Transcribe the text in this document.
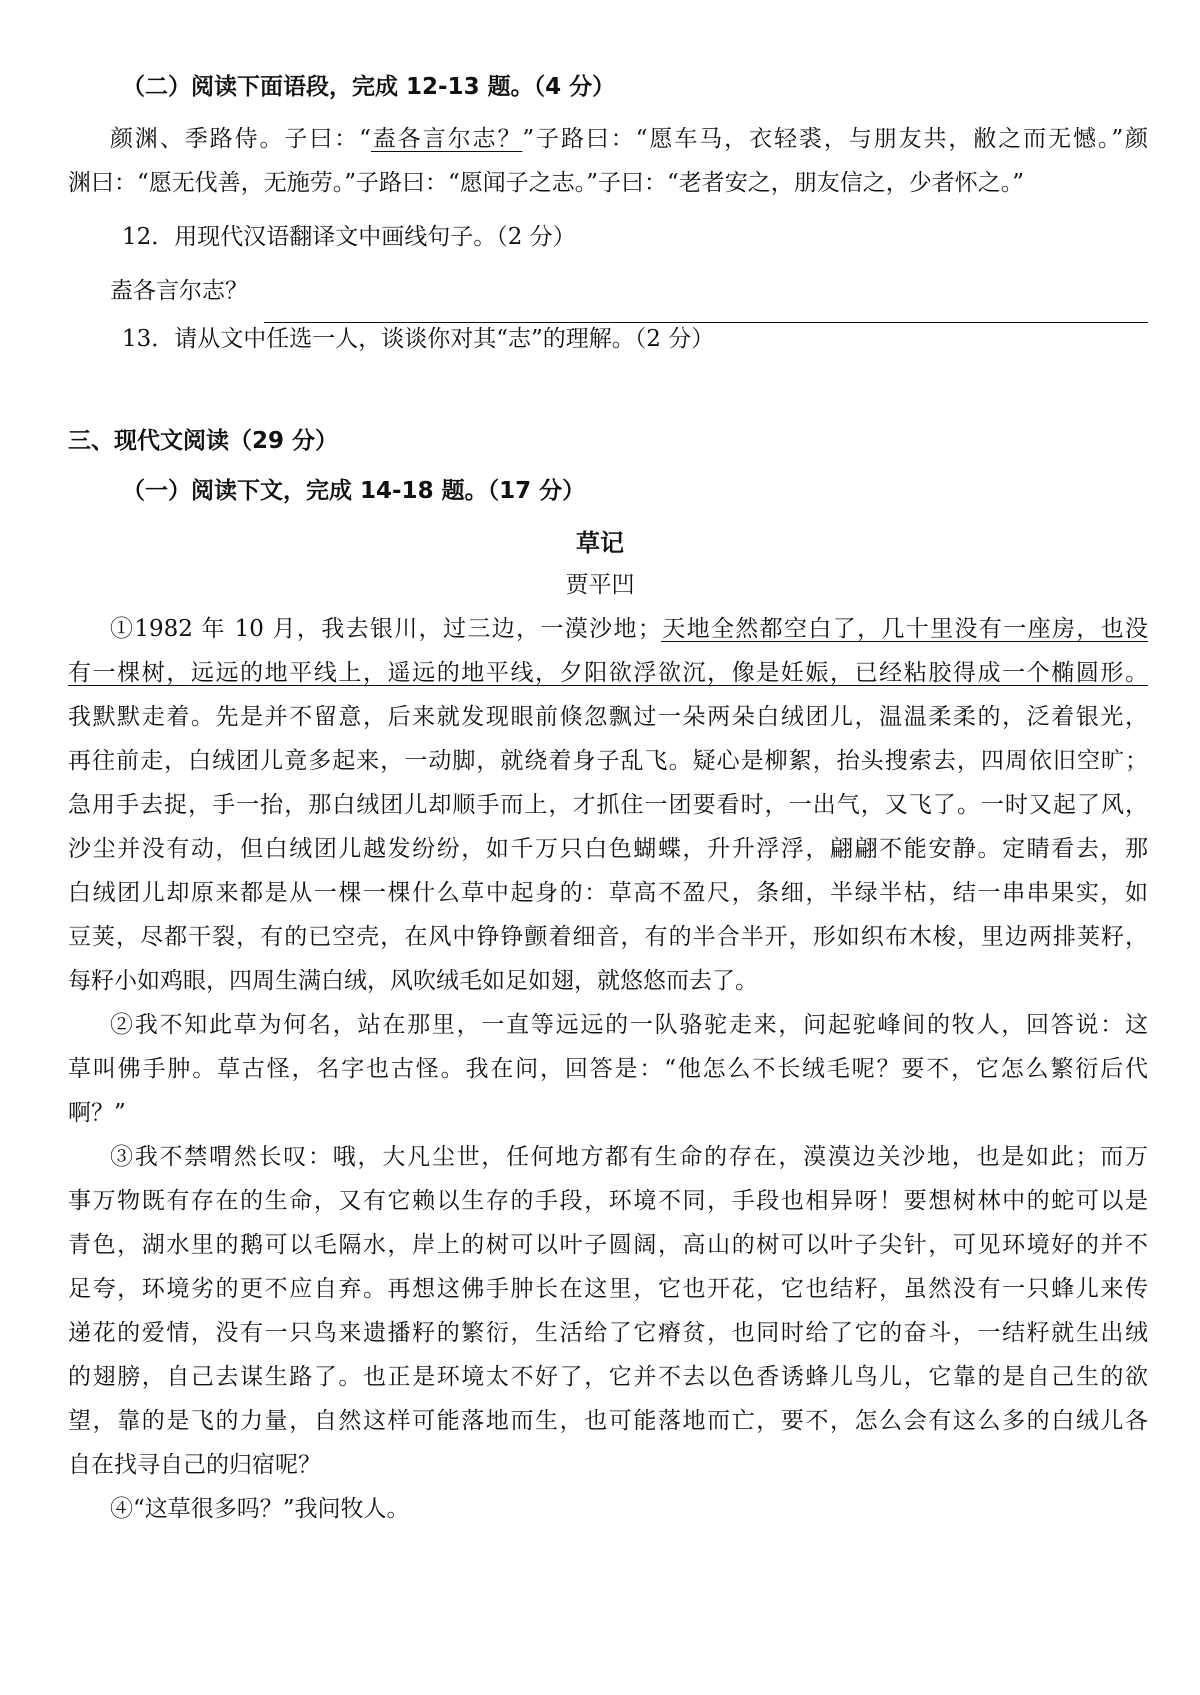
（二）阅读下面语段，完成 12-13 题。（4 分）
颜渊、季路侍。子曰：“盍各言尔志？”子路曰：“愿车马，衣轻裘，与朋友共，敝之而无憾。”颜
渊曰：“愿无伐善，无施劳。”子路曰：“愿闻子之志。”子曰：“老者安之，朋友信之，少者怀之。”
12．用现代汉语翻译文中画线句子。（2 分）
盍各言尔志？
13．请从文中任选一人，谈谈你对其“志”的理解。（2 分）
三、现代文阅读（29 分）
（一）阅读下文，完成 14-18 题。（17 分）
草记
贾平凹
①1982 年 10 月，我去银川，过三边，一漠沙地；天地全然都空白了，几十里没有一座房，也没
有一棵树，远远的地平线上，遥远的地平线，夕阳欲浮欲沉，像是妊娠，已经粘胶得成一个椭圆形。
我默默走着。先是并不留意，后来就发现眼前倏忽飘过一朵两朵白绒团儿，温温柔柔的，泛着银光，
再往前走，白绒团儿竟多起来，一动脚，就绕着身子乱飞。疑心是柳絮，抬头搜索去，四周依旧空旷；
急用手去捉，手一抬，那白绒团儿却顺手而上，才抓住一团要看时，一出气，又飞了。一时又起了风，
沙尘并没有动，但白绒团儿越发纷纷，如千万只白色蝴蝶，升升浮浮，翩翩不能安静。定睛看去，那
白绒团儿却原来都是从一棵一棵什么草中起身的：草高不盈尺，条细，半绿半枯，结一串串果实，如
豆荚，尽都干裂，有的已空壳，在风中铮铮颤着细音，有的半合半开，形如织布木梭，里边两排荚籽，
每籽小如鸡眼，四周生满白绒，风吹绒毛如足如翅，就悠悠而去了。
②我不知此草为何名，站在那里，一直等远远的一队骆驼走来，问起驼峰间的牧人，回答说：这
草叫佛手肿。草古怪，名字也古怪。我在问，回答是：“他怎么不长绒毛呢？要不，它怎么繁衍后代
啊？”
③我不禁喟然长叹：哦，大凡尘世，任何地方都有生命的存在，漠漠边关沙地，也是如此；而万
事万物既有存在的生命，又有它赖以生存的手段，环境不同，手段也相异呀！要想树林中的蛇可以是
青色，湖水里的鹅可以毛隔水，岸上的树可以叶子圆阔，高山的树可以叶子尖针，可见环境好的并不
足夸，环境劣的更不应自弃。再想这佛手肿长在这里，它也开花，它也结籽，虽然没有一只蜂儿来传
递花的爱情，没有一只鸟来遗播籽的繁衍，生活给了它瘠贫，也同时给了它的奋斗，一结籽就生出绒
的翅膀，自己去谋生路了。也正是环境太不好了，它并不去以色香诱蜂儿鸟儿，它靠的是自己生的欲
望，靠的是飞的力量，自然这样可能落地而生，也可能落地而亡，要不，怎么会有这么多的白绒儿各
自在找寻自己的归宿呢？
④“这草很多吗？”我问牧人。
